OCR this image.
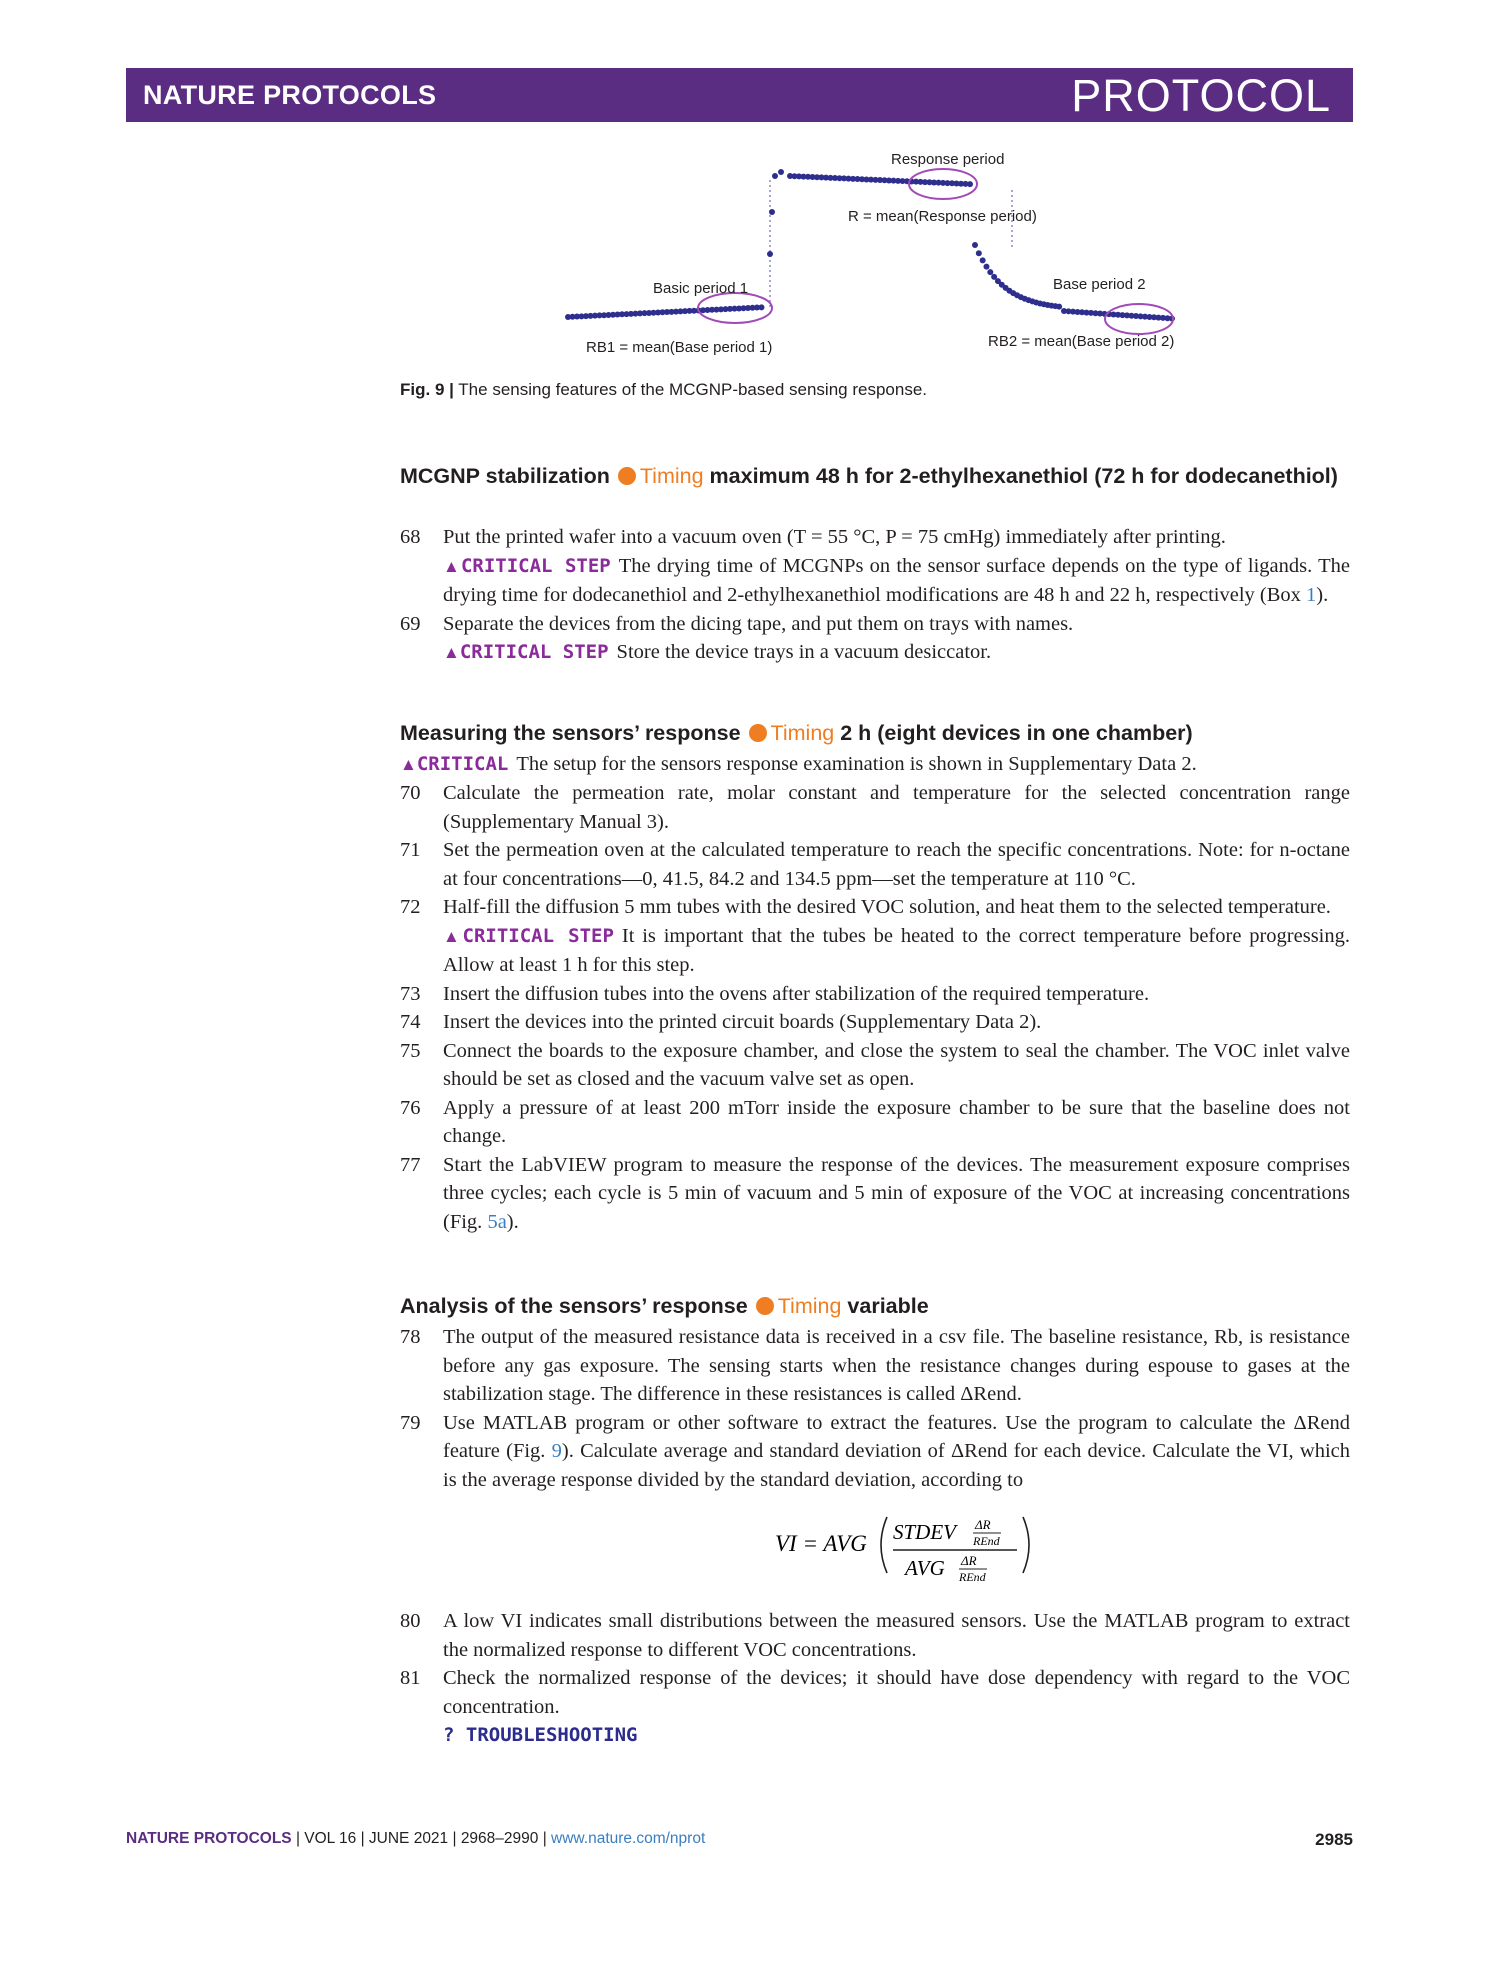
NATURE PROTOCOLS	PROTOCOL
Response period
R = mean(Response period)
Basic period 1	Base period 2
RB1 = mean(Base period 1)	RB2 = mean(Base period 2)
Fig. 9 | The sensing features of the MCGNP-based sensing response.
MCGNP stabilization Timing maximum 48 h for 2-ethylhexanethiol (72 h for dodecanethiol)
68	Put the printed wafer into a vacuum oven (T = 55 °C, P = 75 cmHg) immediately after printing.
▲CRITICAL STEP The drying time of MCGNPs on the sensor surface depends on the type of ligands. The drying time for dodecanethiol and 2-ethylhexanethiol modifications are 48 h and 22 h, respectively (Box 1).
69	Separate the devices from the dicing tape, and put them on trays with names.
▲CRITICAL STEP Store the device trays in a vacuum desiccator.
Measuring the sensors’ response Timing 2 h (eight devices in one chamber)
▲CRITICAL The setup for the sensors response examination is shown in Supplementary Data 2.
70	Calculate the permeation rate, molar constant and temperature for the selected concentration range (Supplementary Manual 3).
71	Set the permeation oven at the calculated temperature to reach the specific concentrations. Note: for n-octane at four concentrations—0, 41.5, 84.2 and 134.5 ppm—set the temperature at 110 °C.
72	Half-fill the diffusion 5 mm tubes with the desired VOC solution, and heat them to the selected temperature.
▲CRITICAL STEP It is important that the tubes be heated to the correct temperature before progressing. Allow at least 1 h for this step.
73	Insert the diffusion tubes into the ovens after stabilization of the required temperature.
74	Insert the devices into the printed circuit boards (Supplementary Data 2).
75	Connect the boards to the exposure chamber, and close the system to seal the chamber. The VOC inlet valve should be set as closed and the vacuum valve set as open.
76	Apply a pressure of at least 200 mTorr inside the exposure chamber to be sure that the baseline does not change.
77	Start the LabVIEW program to measure the response of the devices. The measurement exposure comprises three cycles; each cycle is 5 min of vacuum and 5 min of exposure of the VOC at increasing concentrations (Fig. 5a).
Analysis of the sensors’ response Timing variable
78	The output of the measured resistance data is received in a csv file. The baseline resistance, Rb, is resistance before any gas exposure. The sensing starts when the resistance changes during espouse to gases at the stabilization stage. The difference in these resistances is called ΔRend.
79	Use MATLAB program or other software to extract the features. Use the program to calculate the ΔRend feature (Fig. 9). Calculate average and standard deviation of ΔRend for each device. Calculate the VI, which is the average response divided by the standard deviation, according to
VI = AVG STDEV ΔR
REnd
AVG ΔR
REnd
80	A low VI indicates small distributions between the measured sensors. Use the MATLAB program to extract the normalized response to different VOC concentrations.
81	Check the normalized response of the devices; it should have dose dependency with regard to the VOC concentration.
? TROUBLESHOOTING
NATURE PROTOCOLS | VOL 16 | JUNE 2021 | 2968–2990 | www.nature.com/nprot	2985
